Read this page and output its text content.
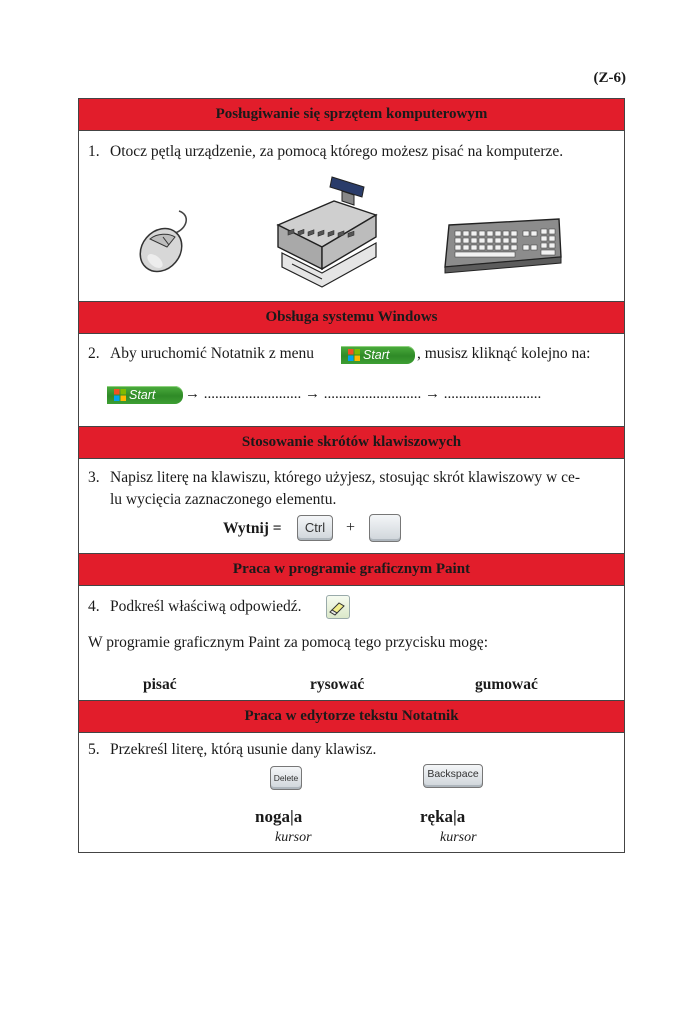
(Z-6)
Posługiwanie się sprzętem komputerowym
1. Otocz pętlą urządzenie, za pomocą którego możesz pisać na komputerze.
Obsługa systemu Windows
2. Aby uruchomić Notatnik z menu	Start , musisz kliknąć kolejno na:
Start → .......................... → .......................... → ..........................
Stosowanie skrótów klawiszowych
3. Napisz literę na klawiszu, którego użyjesz, stosując skrót klawiszowy w ce-
lu wycięcia zaznaczonego elementu.
Wytnij =	Ctrl	+
Praca w programie graficznym Paint
4. Podkreśl właściwą odpowiedź.
W programie graficznym Paint za pomocą tego przycisku mogę:
pisać	rysować	gumować
Praca w edytorze tekstu Notatnik
5. Przekreśl literę, którą usunie dany klawisz.
Delete	Backspace
noga|a	ręka|a
kursor	kursor
